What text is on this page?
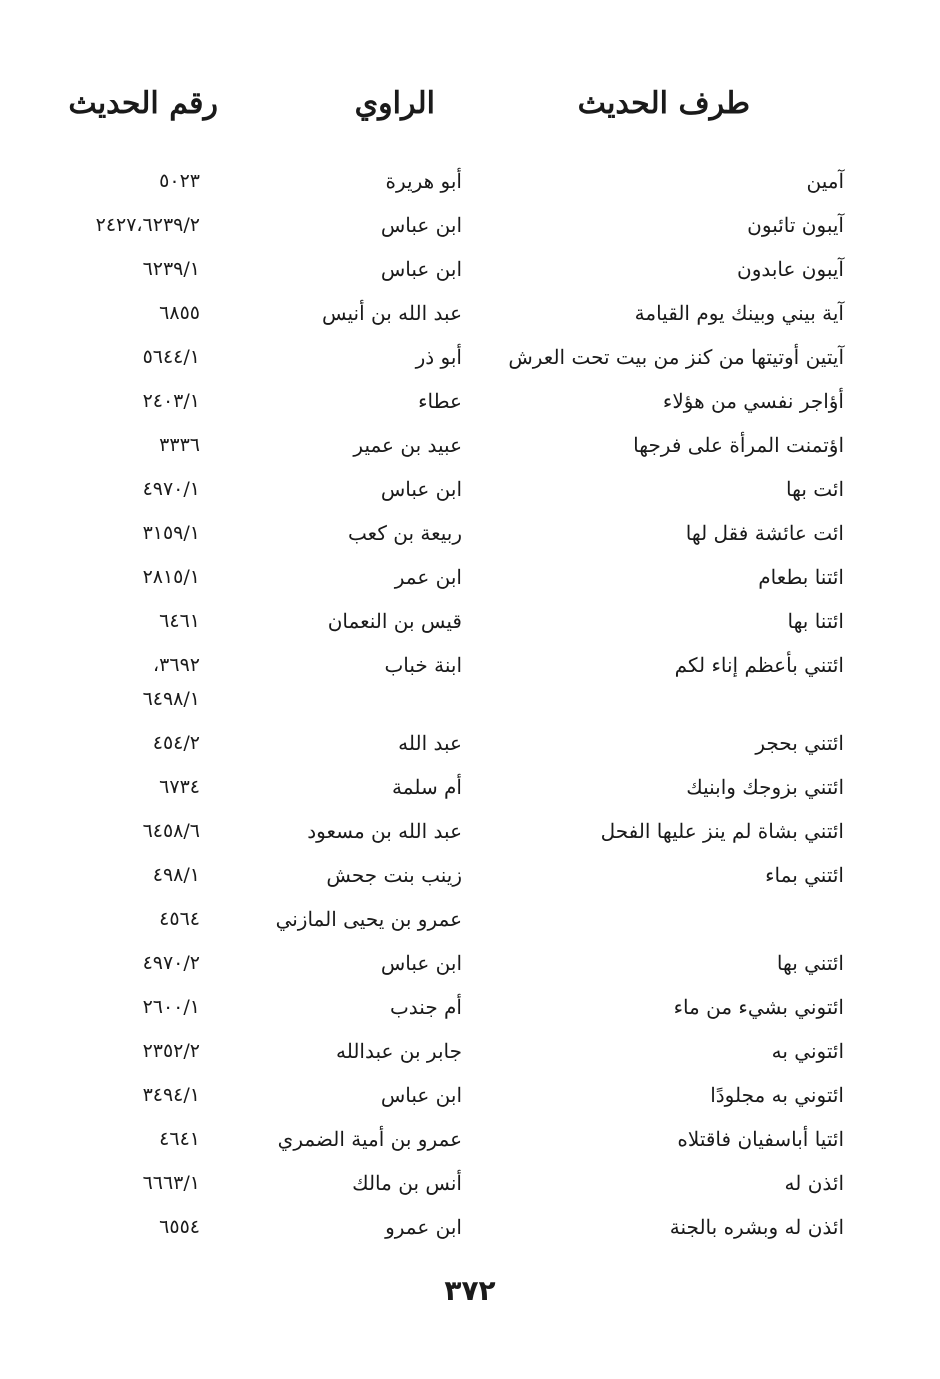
طرف الحديث
الراوي
رقم الحديث
آمين
أبو هريرة
٥٠٢٣
آيبون تائبون
ابن عباس
٢٤٢٧،٦٢٣٩/٢
آيبون عابدون
ابن عباس
٦٢٣٩/١
آية بيني وبينك يوم القيامة
عبد الله بن أنيس
٦٨٥٥
آيتين أوتيتها من كنز من بيت تحت العرش
أبو ذر
٥٦٤٤/١
أؤاجر نفسي من هؤلاء
عطاء
٢٤٠٣/١
اؤتمنت المرأة على فرجها
عبيد بن عمير
٣٣٣٦
ائت بها
ابن عباس
٤٩٧٠/١
ائت عائشة فقل لها
ربيعة بن كعب
٣١٥٩/١
ائتنا بطعام
ابن عمر
٢٨١٥/١
ائتنا بها
قيس بن النعمان
٦٤٦١
ائتني بأعظم إناء لكم
ابنة خباب
٣٦٩٢،
٦٤٩٨/١
ائتني بحجر
عبد الله
٤٥٤/٢
ائتني بزوجك وابنيك
أم سلمة
٦٧٣٤
ائتني بشاة لم ينز عليها الفحل
عبد الله بن مسعود
٦٤٥٨/٦
ائتني بماء
زينب بنت جحش
عمرو بن يحيى المازني
٤٩٨/١
٤٥٦٤
ائتني بها
ابن عباس
٤٩٧٠/٢
ائتوني بشيء من ماء
أم جندب
٢٦٠٠/١
ائتوني به
جابر بن عبدالله
٢٣٥٢/٢
ائتوني به مجلودًا
ابن عباس
٣٤٩٤/١
ائتيا أباسفيان فاقتلاه
عمرو بن أمية الضمري
٤٦٤١
ائذن له
أنس بن مالك
٦٦٦٣/١
ائذن له وبشره بالجنة
ابن عمرو
٦٥٥٤
٣٧٢
